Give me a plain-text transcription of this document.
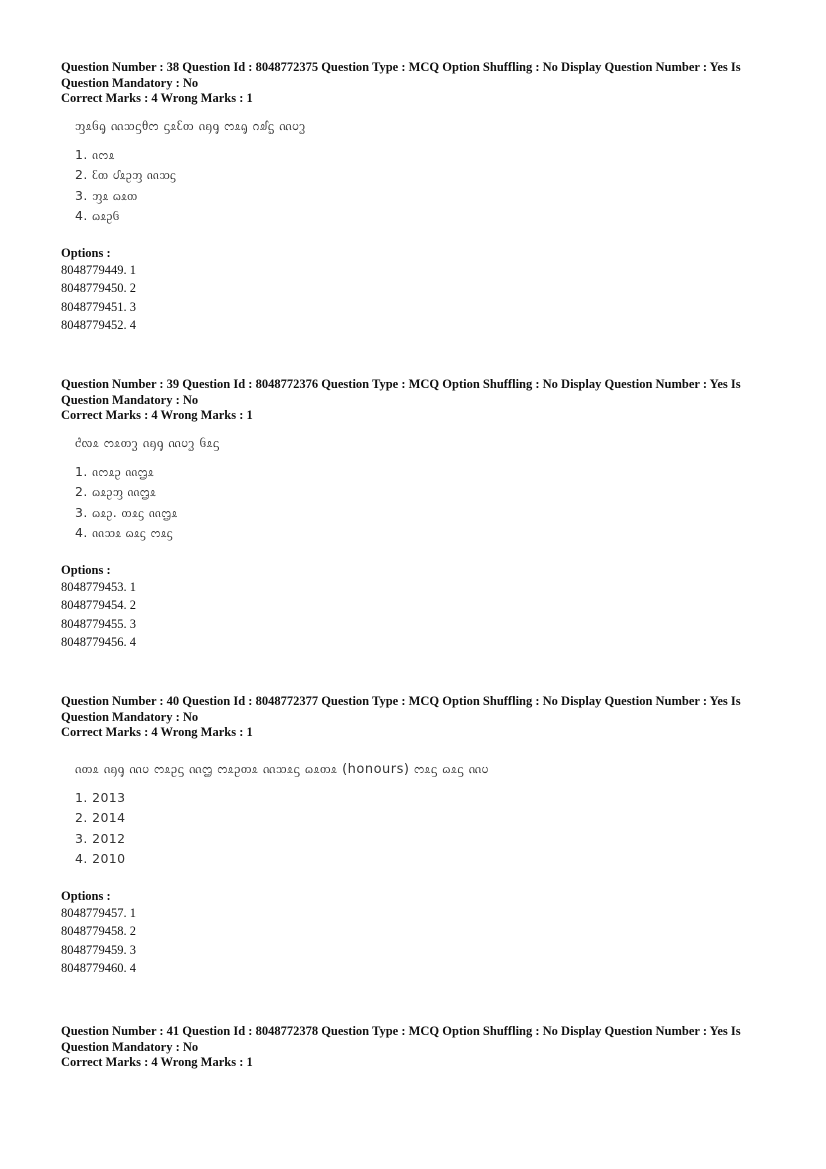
Question Number : 38 Question Id : 8048772375 Question Type : MCQ Option Shuffling : No Display Question Number : Yes Is Question Mandatory : No
Correct Marks : 4 Wrong Marks : 1
ᦀᦸᦑᧂ ᦶᦉᦓᦲᦂ ᦓᦸᦷᦎ ᦵᦏᧁ ᦂᦸᧂ ᦅᦾᧃ ᦶᦢᧆ
1. ᦵᦂᦸ
2. ᦷᦎ ᦔᦸᦳᦀ ᦶᦉᦓ
3. ᦀᦸ ᦒᦸᦎ
4. ᦒᦸᦳᦑ
Options :
8048779449. 1
8048779450. 2
8048779451. 3
8048779452. 4
Question Number : 39 Question Id : 8048772376 Question Type : MCQ Option Shuffling : No Display Question Number : Yes Is Question Mandatory : No
Correct Marks : 4 Wrong Marks : 1
ᦺᦟᦸ ᦂᦸᦎᧆ ᦵᦏᧁ ᦶᦢᧆ ᦑᦸᦓ
1. ᦵᦂᦸᦳ ᦶᦗᦸ
2. ᦒᦸᦳᦀ ᦶᦗᦸ
3. ᦒᦸᦳ. ᦎᦸᦓ ᦶᦗᦸ
4. ᦶᦉᦸ ᦒᦸᦓ ᦂᦸᦓ
Options :
8048779453. 1
8048779454. 2
8048779455. 3
8048779456. 4
Question Number : 40 Question Id : 8048772377 Question Type : MCQ Option Shuffling : No Display Question Number : Yes Is Question Mandatory : No
Correct Marks : 4 Wrong Marks : 1
ᦵᦎᦸ ᦵᦏᧁ ᦶᦢ ᦂᦸᦳᦓ ᦶᦗ ᦂᦸᦳᦎᦸ ᦶᦉᦸᦓ ᦒᦸᦎᦸ (honours) ᦂᦸᦓ ᦒᦸᦓ ᦶᦢ
1. 2013
2. 2014
3. 2012
4. 2010
Options :
8048779457. 1
8048779458. 2
8048779459. 3
8048779460. 4
Question Number : 41 Question Id : 8048772378 Question Type : MCQ Option Shuffling : No Display Question Number : Yes Is Question Mandatory : No
Correct Marks : 4 Wrong Marks : 1
